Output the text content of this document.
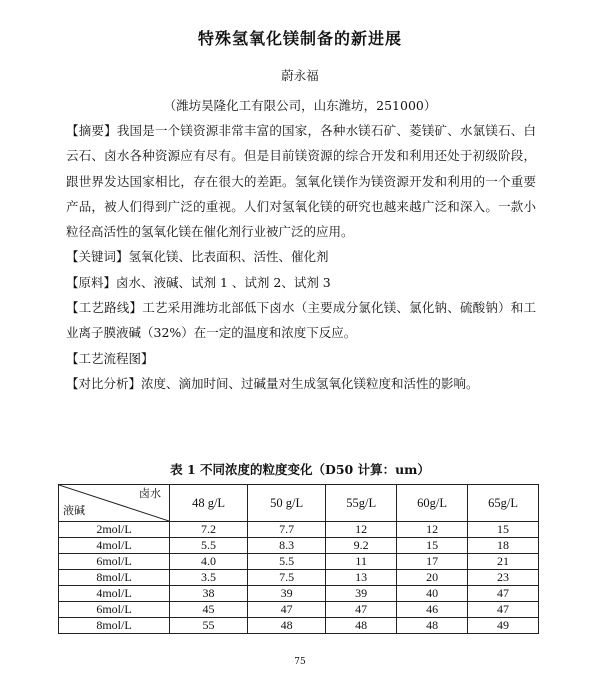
特殊氢氧化镁制备的新进展
蔚永福
（潍坊昊隆化工有限公司，山东潍坊，251000）

【摘要】我国是一个镁资源非常丰富的国家，各种水镁石矿、菱镁矿、水氯镁石、白云石、卤水各种资源应有尽有。但是目前镁资源的综合开发和利用还处于初级阶段，跟世界发达国家相比，存在很大的差距。氢氧化镁作为镁资源开发和利用的一个重要产品，被人们得到广泛的重视。人们对氢氧化镁的研究也越来越广泛和深入。一款小粒径高活性的氢氧化镁在催化剂行业被广泛的应用。

【关键词】氢氧化镁、比表面积、活性、催化剂

【原料】卤水、液碱、试剂 1 、试剂 2、试剂 3

【工艺路线】工艺采用潍坊北部低下卤水（主要成分氯化镁、氯化钠、硫酸钠）和工业离子膜液碱（32%）在一定的温度和浓度下反应。

【工艺流程图】

【对比分析】浓度、滴加时间、过碱量对生成氢氧化镁粒度和活性的影响。

表 1 不同浓度的粒度变化（D50 计算：um）
卤水
液碱	48 g/L	50 g/L	55g/L	60g/L	65g/L
2mol/L	7.2	7.7	12	12	15
4mol/L	5.5	8.3	9.2	15	18
6mol/L	4.0	5.5	11	17	21
8mol/L	3.5	7.5	13	20	23
4mol/L	38	39	39	40	47
6mol/L	45	47	47	46	47
8mol/L	55	48	48	48	49
75
